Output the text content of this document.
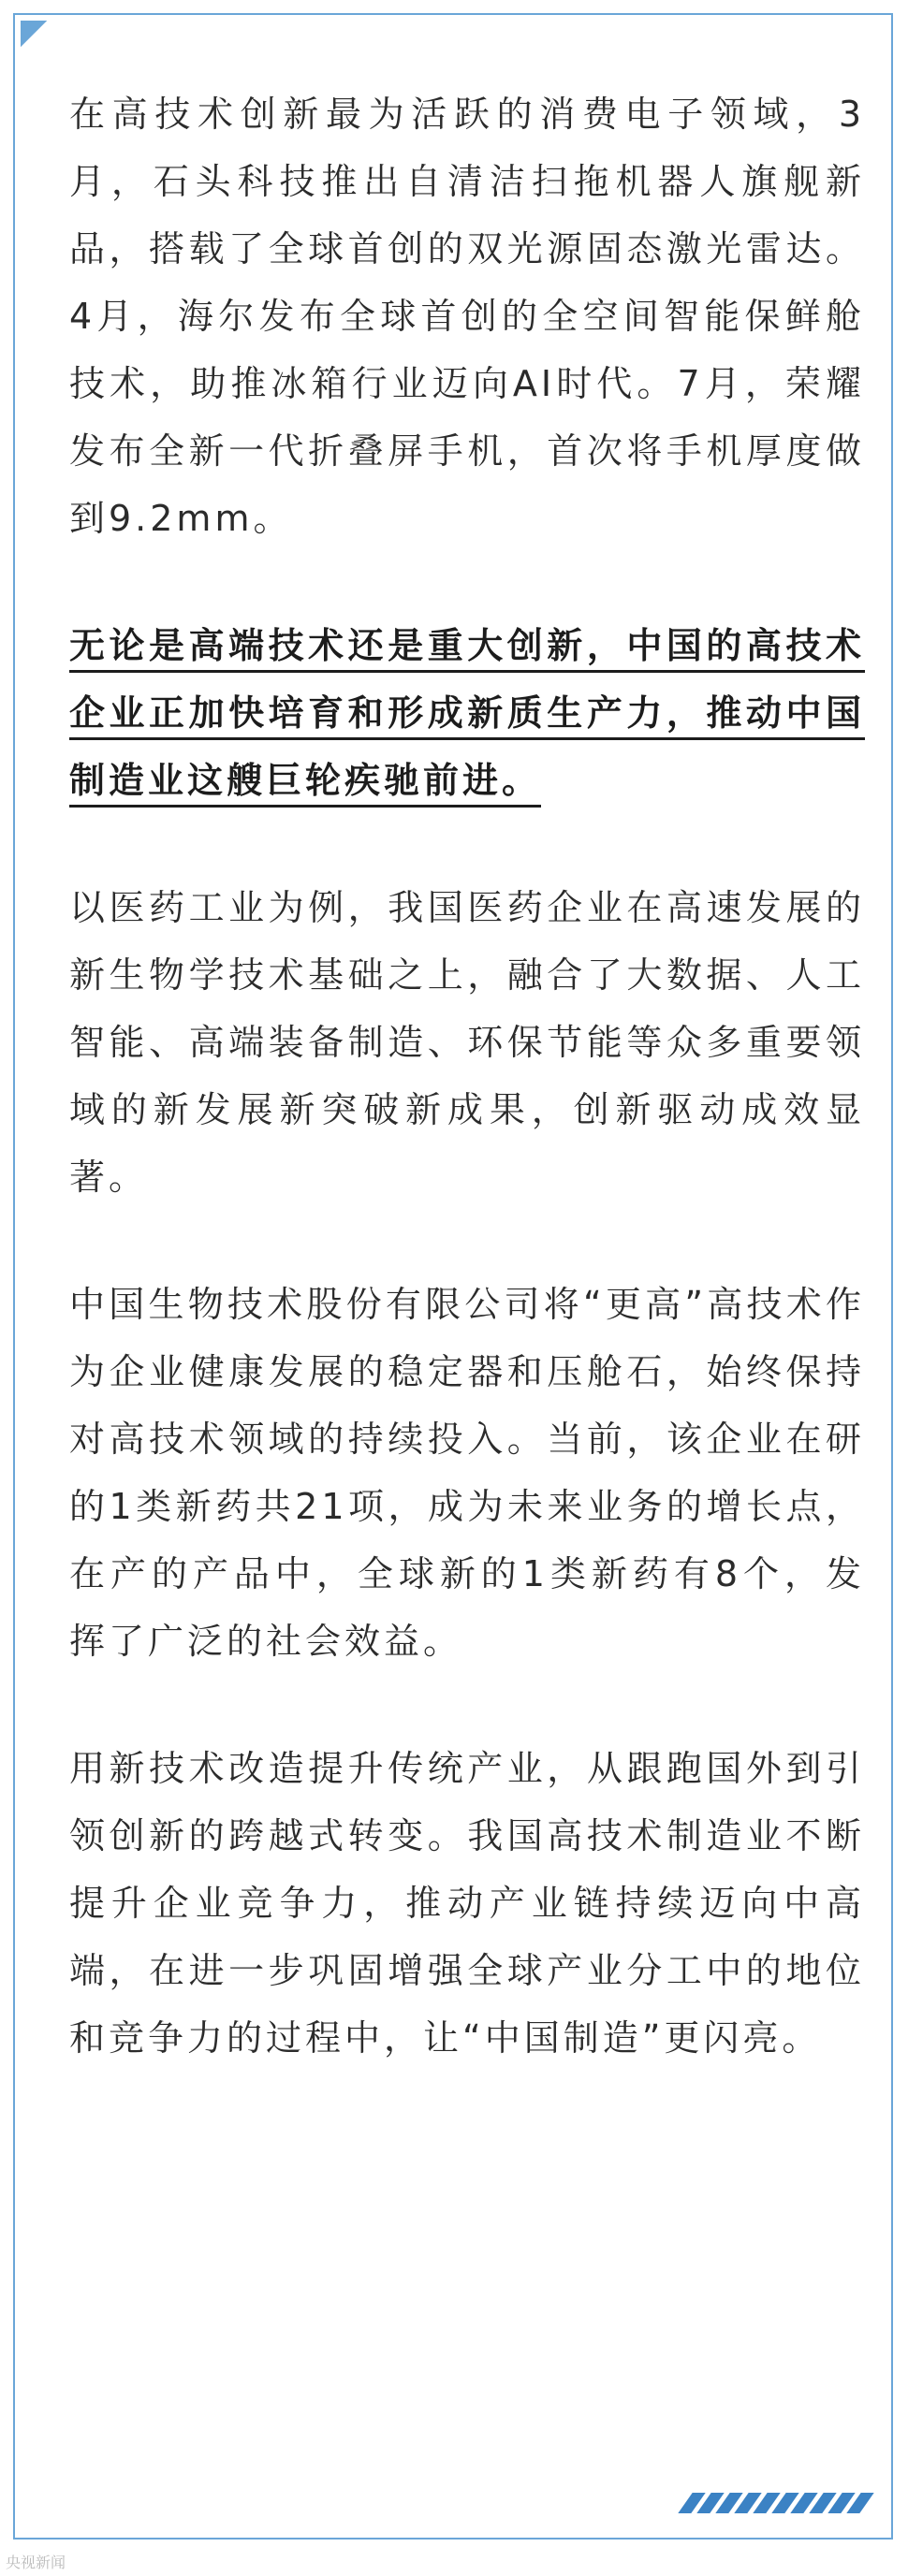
在高技术创新最为活跃的消费电子领域，3月，石头科技推出自清洁扫拖机器人旗舰新品，搭载了全球首创的双光源固态激光雷达。4月，海尔发布全球首创的全空间智能保鲜舱技术，助推冰箱行业迈向AI时代。7月，荣耀发布全新一代折叠屏手机，首次将手机厚度做到9.2mm。

无论是高端技术还是重大创新，中国的高技术企业正加快培育和形成新质生产力，推动中国制造业这艘巨轮疾驰前进。

以医药工业为例，我国医药企业在高速发展的新生物学技术基础之上，融合了大数据、人工智能、高端装备制造、环保节能等众多重要领域的新发展新突破新成果，创新驱动成效显著。

中国生物技术股份有限公司将“更高”高技术作为企业健康发展的稳定器和压舱石，始终保持对高技术领域的持续投入。当前，该企业在研的1类新药共21项，成为未来业务的增长点，在产的产品中，全球新的1类新药有8个，发挥了广泛的社会效益。

用新技术改造提升传统产业，从跟跑国外到引领创新的跨越式转变。我国高技术制造业不断提升企业竞争力，推动产业链持续迈向中高端，在进一步巩固增强全球产业分工中的地位和竞争力的过程中，让“中国制造”更闪亮。

央视新闻
